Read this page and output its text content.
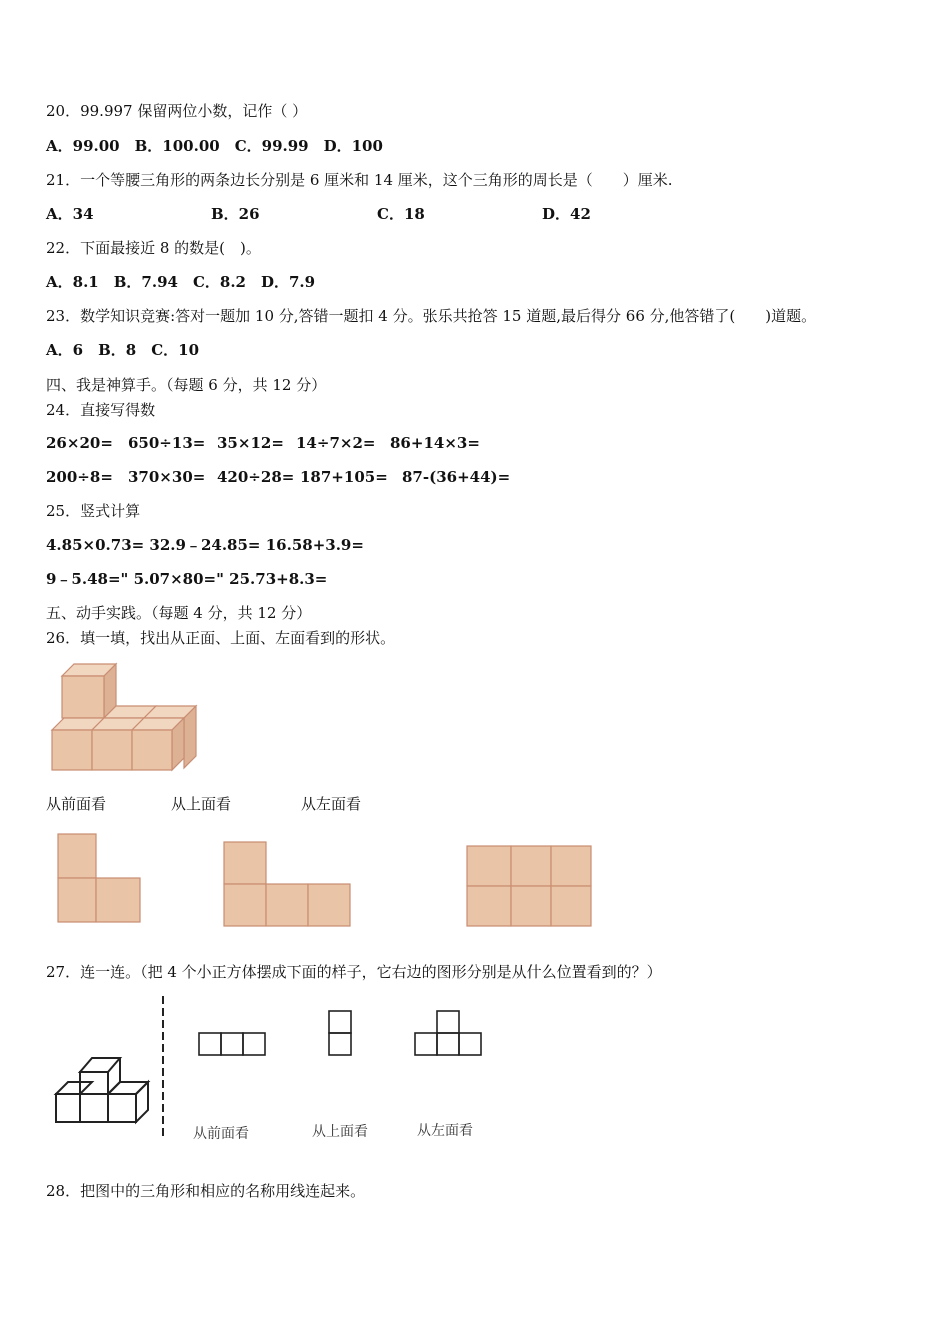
20．99.997 保留两位小数，记作（ ）
A．99.00　B．100.00　C．99.99　D．100
21．一个等腰三角形的两条边长分别是 6 厘米和 14 厘米，这个三角形的周长是（　　）厘米.
A．34	B．26	C．18	D．42
22．下面最接近 8 的数是(　)。
A．8.1　B．7.94　C．8.2　D．7.9
23．数学知识竞赛:答对一题加 10 分,答错一题扣 4 分。张乐共抢答 15 道题,最后得分 66 分,他答错了(　　)道题。
A．6　B．8　C．10
四、我是神算手。（每题 6 分，共 12 分）
24．直接写得数
26×20= 650÷13= 35×12= 14÷7×2= 86+14×3=
200÷8= 370×30= 420÷28= 187+105= 87-(36+44)=
25．竖式计算
4.85×0.73= 32.9﹣24.85= 16.58+3.9=
9﹣5.48=" 5.07×80=" 25.73+8.3=
五、动手实践。（每题 4 分，共 12 分）
26．填一填，找出从正面、上面、左面看到的形状。
从前面看	从上面看	从左面看
27．连一连。（把 4 个小正方体摆成下面的样子，它右边的图形分别是从什么位置看到的？）
从前面看	从上面看	从左面看
28．把图中的三角形和相应的名称用线连起来。
